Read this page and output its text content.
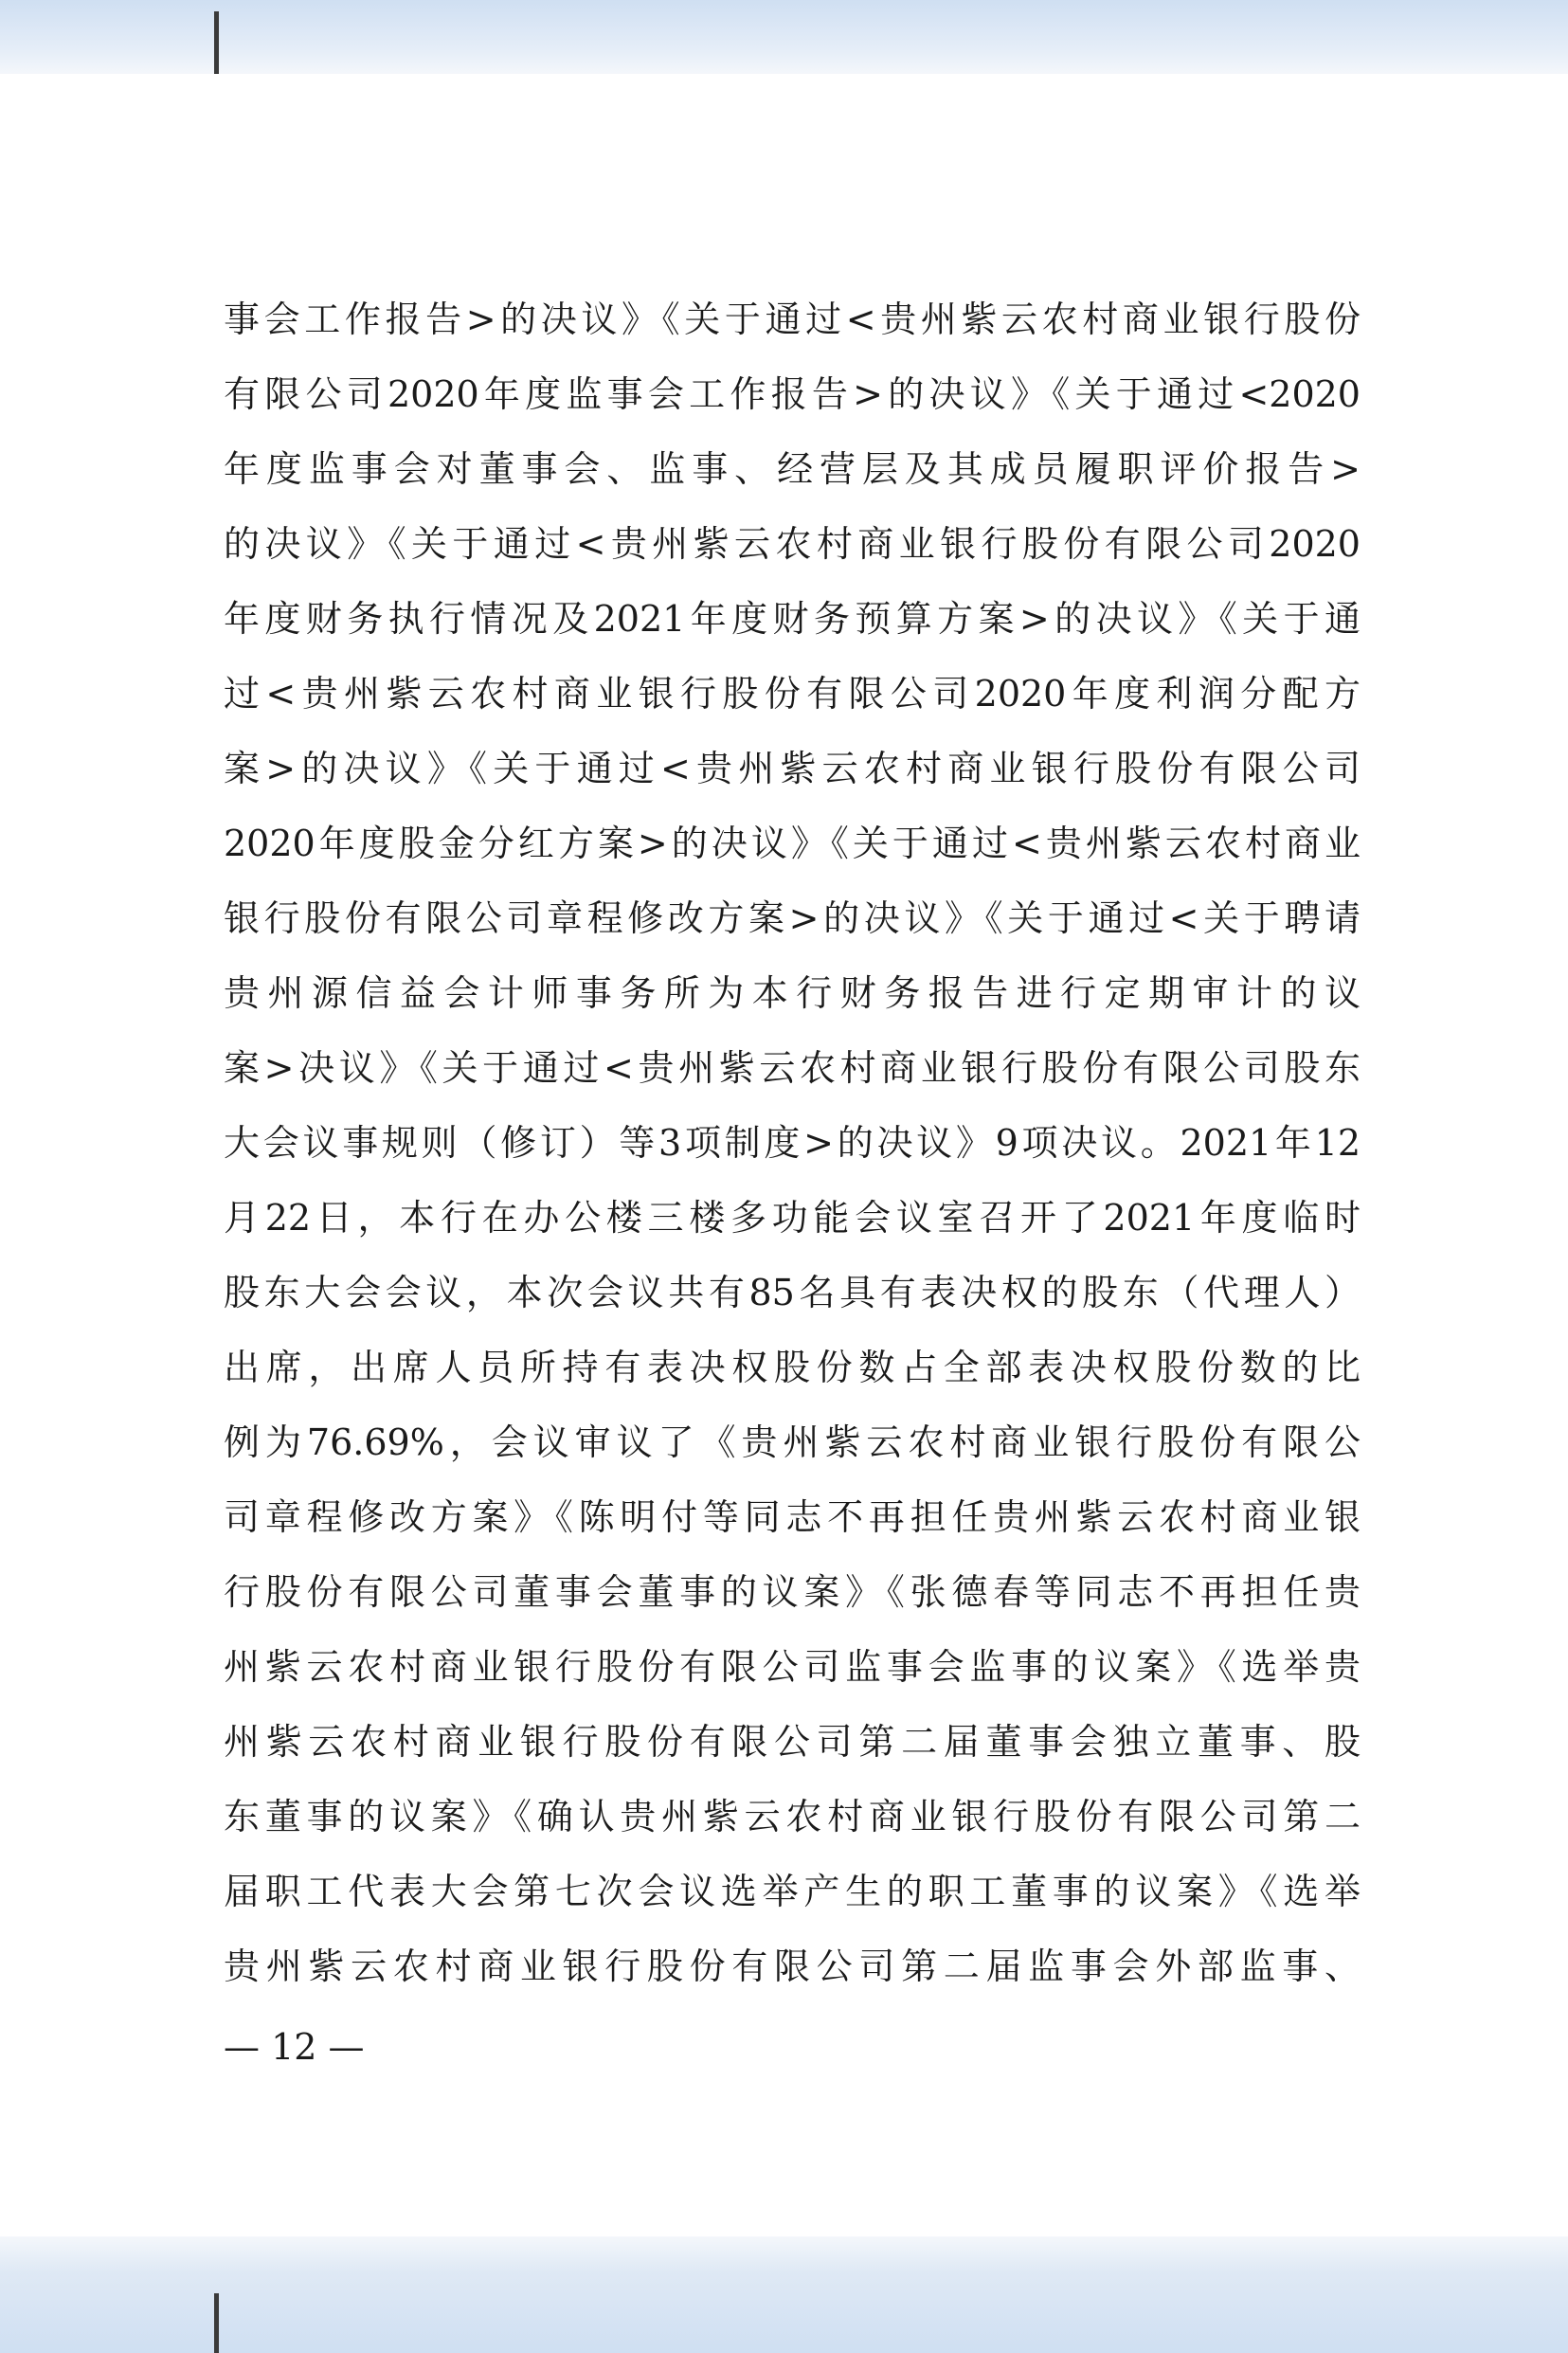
事会工作报告>的决议》《关于通过<贵州紫云农村商业银行股份
有限公司2020年度监事会工作报告>的决议》《关于通过<2020
年度监事会对董事会、监事、经营层及其成员履职评价报告>
的决议》《关于通过<贵州紫云农村商业银行股份有限公司2020
年度财务执行情况及2021年度财务预算方案>的决议》《关于通
过<贵州紫云农村商业银行股份有限公司2020年度利润分配方
案>的决议》《关于通过<贵州紫云农村商业银行股份有限公司
2020年度股金分红方案>的决议》《关于通过<贵州紫云农村商业
银行股份有限公司章程修改方案>的决议》《关于通过<关于聘请
贵州源信益会计师事务所为本行财务报告进行定期审计的议
案>决议》《关于通过<贵州紫云农村商业银行股份有限公司股东
大会议事规则（修订）等3项制度>的决议》9项决议。2021年12
月22日，本行在办公楼三楼多功能会议室召开了2021年度临时
股东大会会议，本次会议共有85名具有表决权的股东（代理人）
出席，出席人员所持有表决权股份数占全部表决权股份数的比
例为76.69%，会议审议了《贵州紫云农村商业银行股份有限公
司章程修改方案》《陈明付等同志不再担任贵州紫云农村商业银
行股份有限公司董事会董事的议案》《张德春等同志不再担任贵
州紫云农村商业银行股份有限公司监事会监事的议案》《选举贵
州紫云农村商业银行股份有限公司第二届董事会独立董事、股
东董事的议案》《确认贵州紫云农村商业银行股份有限公司第二
届职工代表大会第七次会议选举产生的职工董事的议案》《选举
贵州紫云农村商业银行股份有限公司第二届监事会外部监事、
— 12 —
